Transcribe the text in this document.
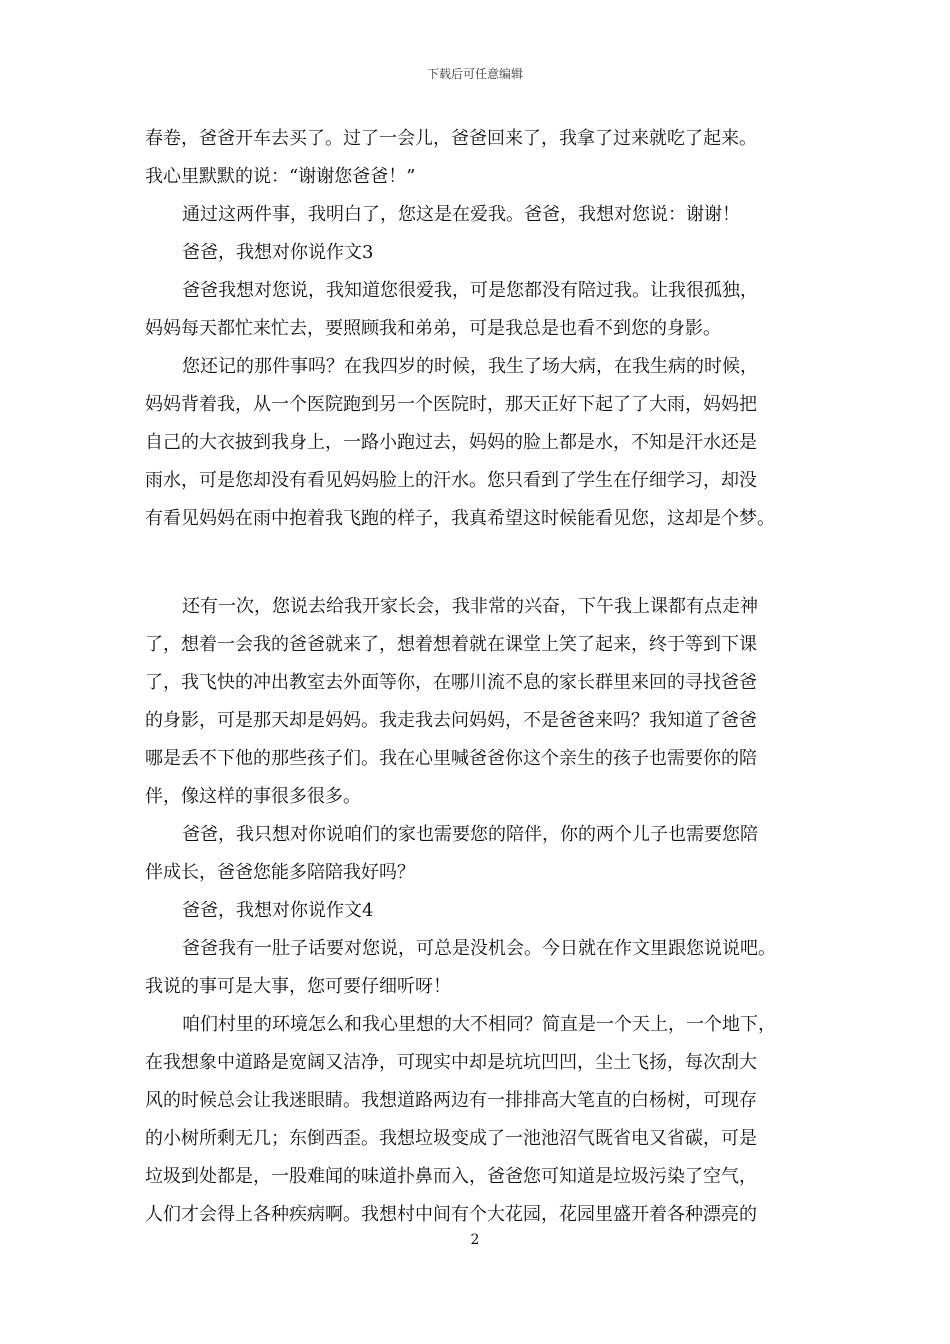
下载后可任意编辑
春卷，爸爸开车去买了。过了一会儿，爸爸回来了，我拿了过来就吃了起来。
我心里默默的说：“谢谢您爸爸！”
通过这两件事，我明白了，您这是在爱我。爸爸，我想对您说：谢谢！
爸爸，我想对你说作文3
爸爸我想对您说，我知道您很爱我，可是您都没有陪过我。让我很孤独，
妈妈每天都忙来忙去，要照顾我和弟弟，可是我总是也看不到您的身影。
您还记的那件事吗？在我四岁的时候，我生了场大病，在我生病的时候，
妈妈背着我，从一个医院跑到另一个医院时，那天正好下起了了大雨，妈妈把
自己的大衣披到我身上，一路小跑过去，妈妈的脸上都是水，不知是汗水还是
雨水，可是您却没有看见妈妈脸上的汗水。您只看到了学生在仔细学习，却没
有看见妈妈在雨中抱着我飞跑的样子，我真希望这时候能看见您，这却是个梦。
还有一次，您说去给我开家长会，我非常的兴奋，下午我上课都有点走神
了，想着一会我的爸爸就来了，想着想着就在课堂上笑了起来，终于等到下课
了，我飞快的冲出教室去外面等你，在哪川流不息的家长群里来回的寻找爸爸
的身影，可是那天却是妈妈。我走我去问妈妈，不是爸爸来吗？我知道了爸爸
哪是丢不下他的那些孩子们。我在心里喊爸爸你这个亲生的孩子也需要你的陪
伴，像这样的事很多很多。
爸爸，我只想对你说咱们的家也需要您的陪伴，你的两个儿子也需要您陪
伴成长，爸爸您能多陪陪我好吗？
爸爸，我想对你说作文4
爸爸我有一肚子话要对您说，可总是没机会。今日就在作文里跟您说说吧。
我说的事可是大事，您可要仔细听呀！
咱们村里的环境怎么和我心里想的大不相同？简直是一个天上，一个地下，
在我想象中道路是宽阔又洁净，可现实中却是坑坑凹凹，尘土飞扬，每次刮大
风的时候总会让我迷眼睛。我想道路两边有一排排高大笔直的白杨树，可现存
的小树所剩无几；东倒西歪。我想垃圾变成了一池池沼气既省电又省碳，可是
垃圾到处都是，一股难闻的味道扑鼻而入，爸爸您可知道是垃圾污染了空气，
人们才会得上各种疾病啊。我想村中间有个大花园，花园里盛开着各种漂亮的
2
